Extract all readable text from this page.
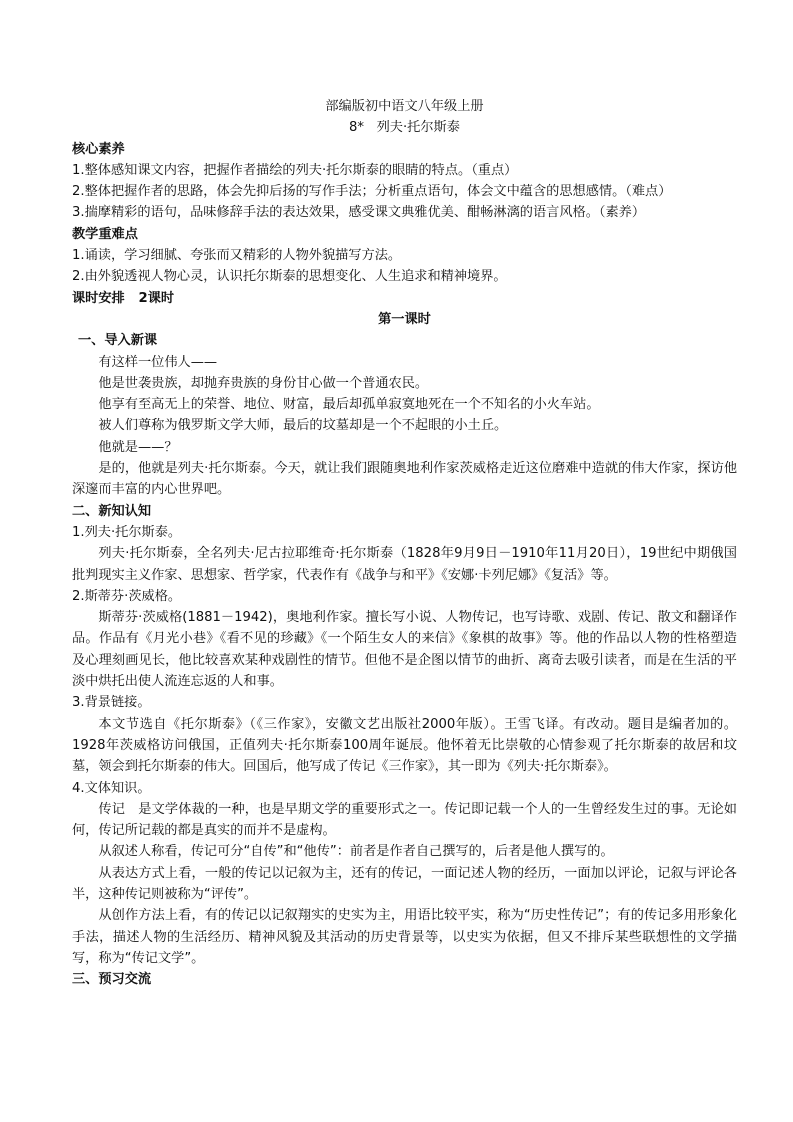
部编版初中语文八年级上册

8*   列夫·托尔斯泰

核心素养

1.整体感知课文内容，把握作者描绘的列夫·托尔斯泰的眼睛的特点。（重点）

2.整体把握作者的思路，体会先抑后扬的写作手法；分析重点语句，体会文中蕴含的思想感情。（难点）

3.揣摩精彩的语句，品味修辞手法的表达效果，感受课文典雅优美、酣畅淋漓的语言风格。（素养）

教学重难点

1.诵读，学习细腻、夸张而又精彩的人物外貌描写方法。

2.由外貌透视人物心灵，认识托尔斯泰的思想变化、人生追求和精神境界。

课时安排   2课时

第一课时

一、导入新课

有这样一位伟人——

他是世袭贵族，却抛弃贵族的身份甘心做一个普通农民。

他享有至高无上的荣誉、地位、财富，最后却孤单寂寞地死在一个不知名的小火车站。

被人们尊称为俄罗斯文学大师，最后的坟墓却是一个不起眼的小土丘。

他就是——？

是的，他就是列夫·托尔斯泰。今天，就让我们跟随奥地利作家茨威格走近这位磨难中造就的伟大作家，探访他深邃而丰富的内心世界吧。

二、新知认知

1.列夫·托尔斯泰。

列夫·托尔斯泰，全名列夫·尼古拉耶维奇·托尔斯泰（1828年9月9日－1910年11月20日），19世纪中期俄国批判现实主义作家、思想家、哲学家，代表作有《战争与和平》《安娜·卡列尼娜》《复活》等。

2.斯蒂芬·茨威格。

斯蒂芬·茨威格(1881－1942)，奥地利作家。擅长写小说、人物传记，也写诗歌、戏剧、传记、散文和翻译作品。作品有《月光小巷》《看不见的珍藏》《一个陌生女人的来信》《象棋的故事》等。他的作品以人物的性格塑造及心理刻画见长，他比较喜欢某种戏剧性的情节。但他不是企图以情节的曲折、离奇去吸引读者，而是在生活的平淡中烘托出使人流连忘返的人和事。

3.背景链接。

本文节选自《托尔斯泰》（《三作家》，安徽文艺出版社2000年版）。王雪飞译。有改动。题目是编者加的。1928年茨威格访问俄国，正值列夫·托尔斯泰100周年诞辰。他怀着无比崇敬的心情参观了托尔斯泰的故居和坟墓，领会到托尔斯泰的伟大。回国后，他写成了传记《三作家》，其一即为《列夫·托尔斯泰》。

4.文体知识。

传记　是文学体裁的一种，也是早期文学的重要形式之一。传记即记载一个人的一生曾经发生过的事。无论如何，传记所记载的都是真实的而并不是虚构。

从叙述人称看，传记可分“自传”和“他传”：前者是作者自己撰写的，后者是他人撰写的。

从表达方式上看，一般的传记以记叙为主，还有的传记，一面记述人物的经历，一面加以评论，记叙与评论各半，这种传记则被称为“评传”。

从创作方法上看，有的传记以记叙翔实的史实为主，用语比较平实，称为“历史性传记”；有的传记多用形象化手法，描述人物的生活经历、精神风貌及其活动的历史背景等，以史实为依据，但又不排斥某些联想性的文学描写，称为“传记文学”。

三、预习交流
